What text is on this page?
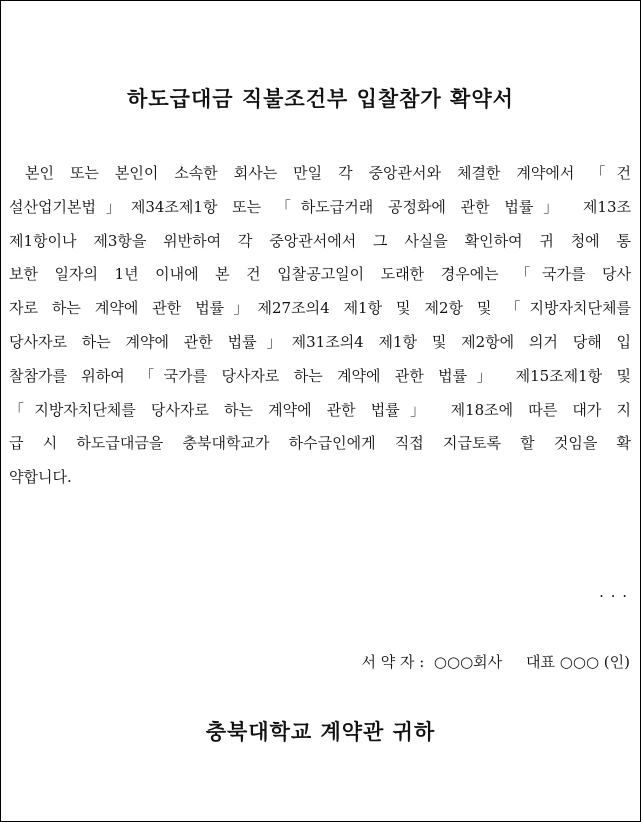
하도급대금 직불조건부 입찰참가 확약서
본인 또는 본인이 소속한 회사는 만일 각 중앙관서와 체결한 계약에서 「건
설산업기본법」제34조제1항 또는 「하도급거래 공정화에 관한 법률」 제13조
제1항이나 제3항을 위반하여 각 중앙관서에서 그 사실을 확인하여 귀 청에 통
보한 일자의 1년 이내에 본 건 입찰공고일이 도래한 경우에는 「국가를 당사
자로 하는 계약에 관한 법률」제27조의4 제1항 및 제2항 및 「지방자치단체를
당사자로 하는 계약에 관한 법률」제31조의4 제1항 및 제2항에 의거 당해 입
찰참가를 위하여 「국가를 당사자로 하는 계약에 관한 법률」 제15조제1항 및
「지방자치단체를 당사자로 하는 계약에 관한 법률」 제18조에 따른 대가 지
급 시 하도급대금을 충북대학교가 하수급인에게 직접 지급토록 할 것임을 확
약합니다.
. . .
서 약 자 : ○○○회사 대표 ○○○ (인)
충북대학교 계약관 귀하
